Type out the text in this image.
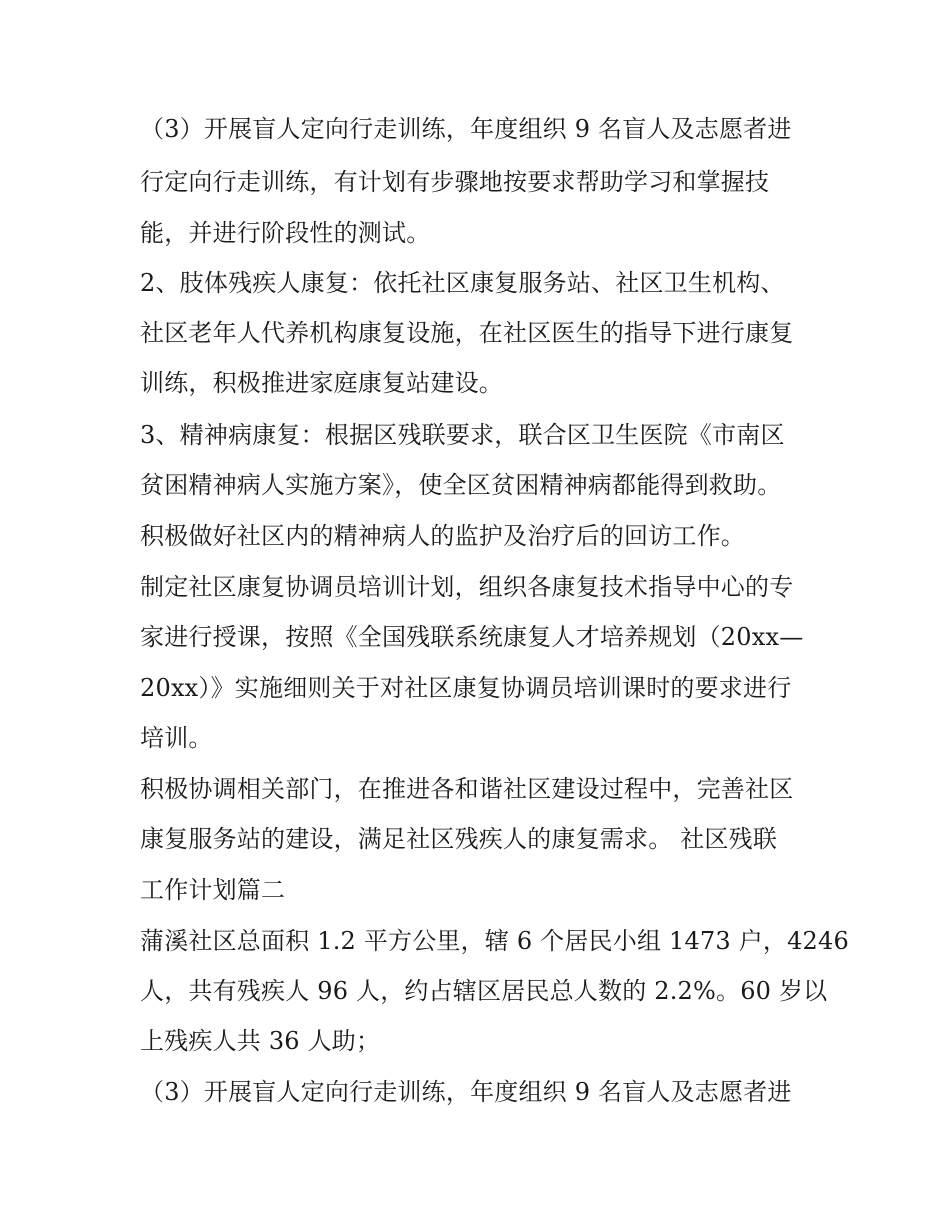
（3）开展盲人定向行走训练，年度组织 9 名盲人及志愿者进
行定向行走训练，有计划有步骤地按要求帮助学习和掌握技
能，并进行阶段性的测试。
2、肢体残疾人康复：依托社区康复服务站、社区卫生机构、
社区老年人代养机构康复设施，在社区医生的指导下进行康复
训练，积极推进家庭康复站建设。
3、精神病康复：根据区残联要求，联合区卫生医院《市南区
贫困精神病人实施方案》，使全区贫困精神病都能得到救助。
积极做好社区内的精神病人的监护及治疗后的回访工作。
制定社区康复协调员培训计划，组织各康复技术指导中心的专
家进行授课，按照《全国残联系统康复人才培养规划（20xx—
20xx）》实施细则关于对社区康复协调员培训课时的要求进行
培训。
积极协调相关部门，在推进各和谐社区建设过程中，完善社区
康复服务站的建设，满足社区残疾人的康复需求。 社区残联
工作计划篇二
蒲溪社区总面积 1.2 平方公里，辖 6 个居民小组 1473 户，4246
人，共有残疾人 96 人，约占辖区居民总人数的 2.2%。60 岁以
上残疾人共 36 人助；
（3）开展盲人定向行走训练，年度组织 9 名盲人及志愿者进
